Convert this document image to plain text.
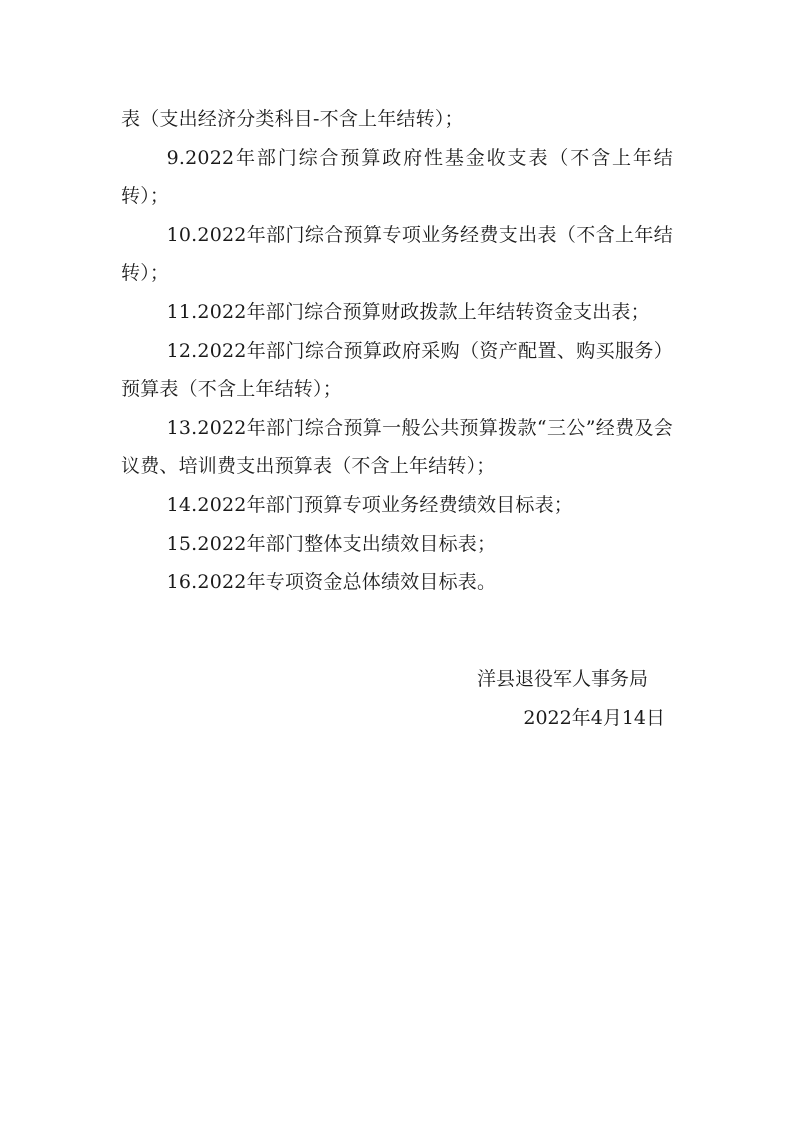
表（支出经济分类科目-不含上年结转）；

9.2022年部门综合预算政府性基金收支表（不含上年结转）；

10.2022年部门综合预算专项业务经费支出表（不含上年结转）；

11.2022年部门综合预算财政拨款上年结转资金支出表；

12.2022年部门综合预算政府采购（资产配置、购买服务）预算表（不含上年结转）；

13.2022年部门综合预算一般公共预算拨款“三公”经费及会议费、培训费支出预算表（不含上年结转）；

14.2022年部门预算专项业务经费绩效目标表；

15.2022年部门整体支出绩效目标表；

16.2022年专项资金总体绩效目标表。

洋县退役军人事务局
2022年4月14日
